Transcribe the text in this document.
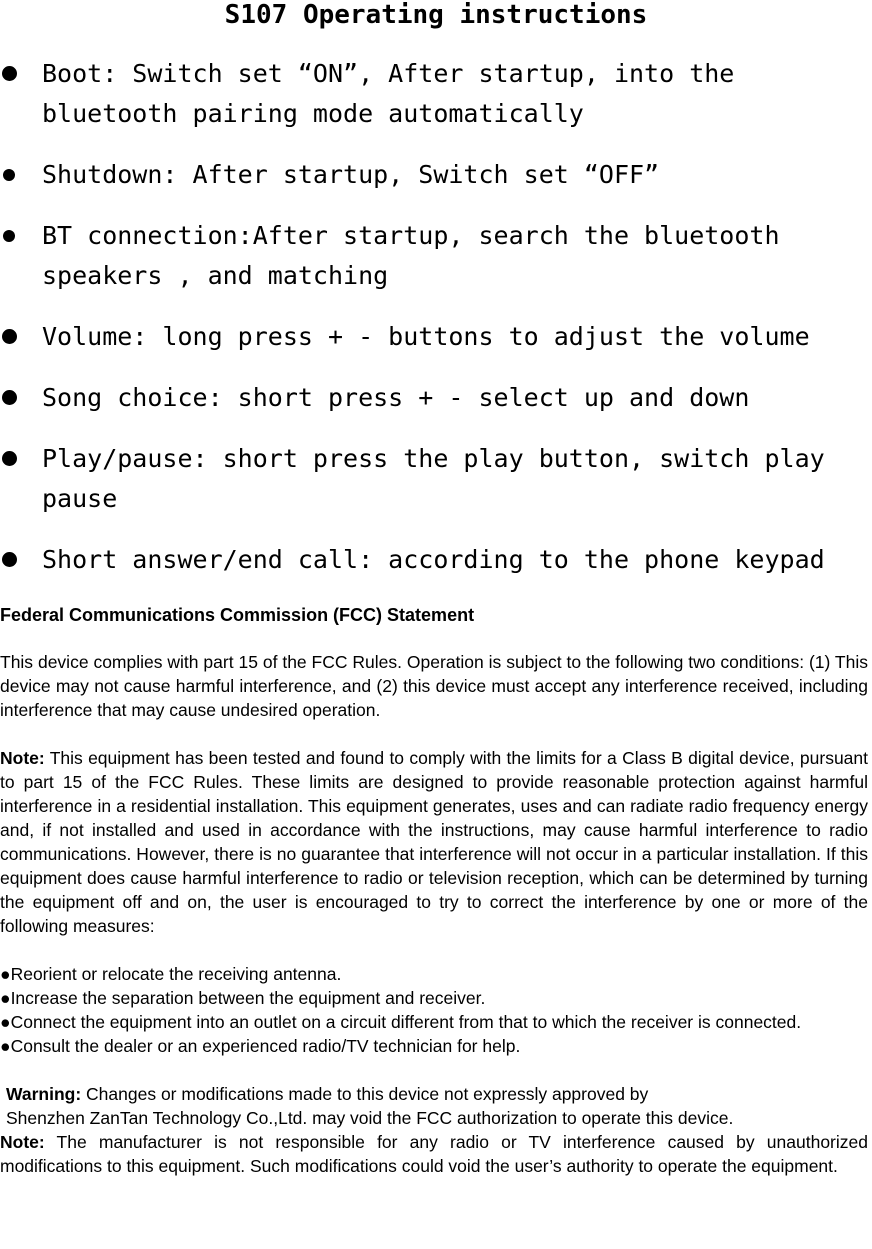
S107 Operating instructions
Boot: Switch set “ON”, After startup, into the bluetooth pairing mode automatically
Shutdown: After startup, Switch set “OFF”
BT connection:After startup, search the bluetooth speakers , and matching
Volume: long press + - buttons to adjust the volume
Song choice: short press + - select up and down
Play/pause: short press the play button, switch play pause
Short answer/end call: according to the phone keypad
Federal Communications Commission (FCC) Statement

This device complies with part 15 of the FCC Rules. Operation is subject to the following two conditions: (1) This device may not cause harmful interference, and (2) this device must accept any interference received, including interference that may cause undesired operation.

Note: This equipment has been tested and found to comply with the limits for a Class B digital device, pursuant to part 15 of the FCC Rules. These limits are designed to provide reasonable protection against harmful interference in a residential installation. This equipment generates, uses and can radiate radio frequency energy and, if not installed and used in accordance with the instructions, may cause harmful interference to radio communications. However, there is no guarantee that interference will not occur in a particular installation. If this equipment does cause harmful interference to radio or television reception, which can be determined by turning the equipment off and on, the user is encouraged to try to correct the interference by one or more of the following measures:

●Reorient or relocate the receiving antenna.
●Increase the separation between the equipment and receiver.
●Connect the equipment into an outlet on a circuit different from that to which the receiver is connected.
●Consult the dealer or an experienced radio/TV technician for help.

Warning: Changes or modifications made to this device not expressly approved by
Shenzhen ZanTan Technology Co.,Ltd. may void the FCC authorization to operate this device.

Note: The manufacturer is not responsible for any radio or TV interference caused by unauthorized modifications to this equipment. Such modifications could void the user’s authority to operate the equipment.
